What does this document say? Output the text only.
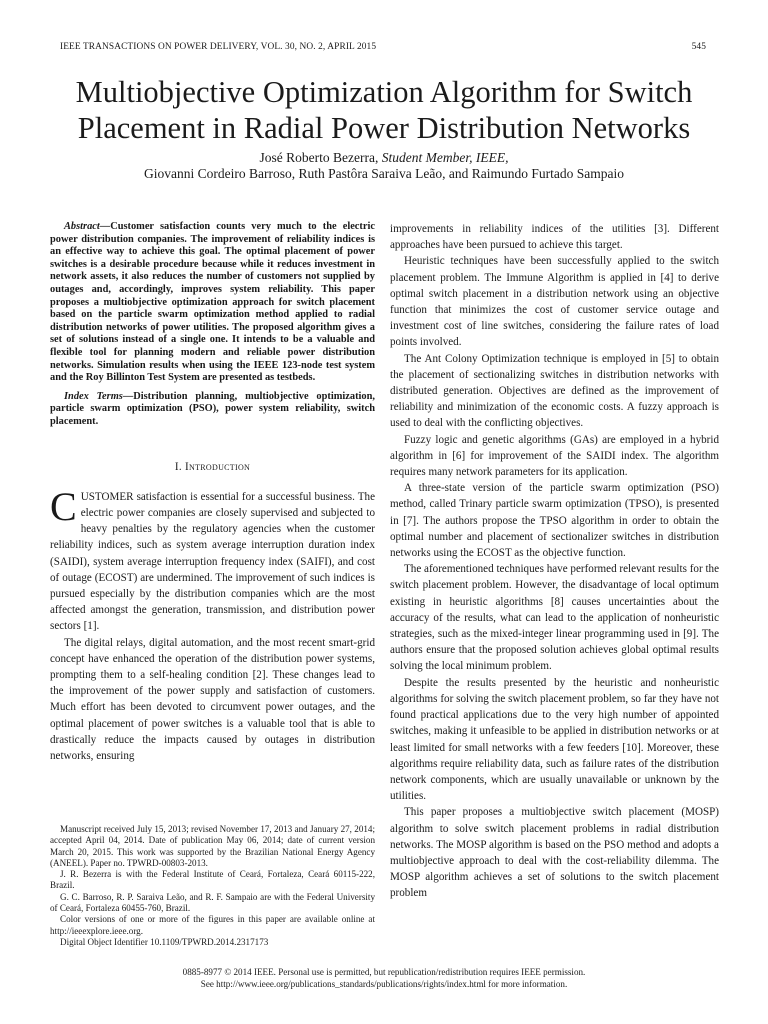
IEEE TRANSACTIONS ON POWER DELIVERY, VOL. 30, NO. 2, APRIL 2015	545
Multiobjective Optimization Algorithm for Switch
Placement in Radial Power Distribution Networks
José Roberto Bezerra, Student Member, IEEE,
Giovanni Cordeiro Barroso, Ruth Pastôra Saraiva Leão, and Raimundo Furtado Sampaio

Abstract—Customer satisfaction counts very much to the electric power distribution companies. The improvement of reliability indices is an effective way to achieve this goal. The optimal placement of power switches is a desirable procedure because while it reduces investment in network assets, it also reduces the number of customers not supplied by outages and, accordingly, improves system reliability. This paper proposes a multiobjective optimization approach for switch placement based on the particle swarm optimization method applied to radial distribution networks of power utilities. The proposed algorithm gives a set of solutions instead of a single one. It intends to be a valuable and flexible tool for planning modern and reliable power distribution networks. Simulation results when using the IEEE 123-node test system and the Roy Billinton Test System are presented as testbeds.

Index Terms—Distribution planning, multiobjective optimization, particle swarm optimization (PSO), power system reliability, switch placement.

I. Introduction

CUSTOMER satisfaction is essential for a successful business. The electric power companies are closely supervised and subjected to heavy penalties by the regulatory agencies when the customer reliability indices, such as system average interruption duration index (SAIDI), system average interruption frequency index (SAIFI), and cost of outage (ECOST) are undermined. The improvement of such indices is pursued especially by the distribution companies which are the most affected amongst the generation, transmission, and distribution power sectors [1].

The digital relays, digital automation, and the most recent smart-grid concept have enhanced the operation of the distribution power systems, prompting them to a self-healing condition [2]. These changes lead to the improvement of the power supply and satisfaction of customers. Much effort has been devoted to circumvent power outages, and the optimal placement of power switches is a valuable tool that is able to drastically reduce the impacts caused by outages in distribution networks, ensuring

Manuscript received July 15, 2013; revised November 17, 2013 and January 27, 2014; accepted April 04, 2014. Date of publication May 06, 2014; date of current version March 20, 2015. This work was supported by the Brazilian National Energy Agency (ANEEL). Paper no. TPWRD-00803-2013.

J. R. Bezerra is with the Federal Institute of Ceará, Fortaleza, Ceará 60115-222, Brazil.

G. C. Barroso, R. P. Saraiva Leão, and R. F. Sampaio are with the Federal University of Ceará, Fortaleza 60455-760, Brazil.

Color versions of one or more of the figures in this paper are available online at http://ieeexplore.ieee.org.

Digital Object Identifier 10.1109/TPWRD.2014.2317173

improvements in reliability indices of the utilities [3]. Different approaches have been pursued to achieve this target.

Heuristic techniques have been successfully applied to the switch placement problem. The Immune Algorithm is applied in [4] to derive optimal switch placement in a distribution network using an objective function that minimizes the cost of customer service outage and investment cost of line switches, considering the failure rates of load points involved.

The Ant Colony Optimization technique is employed in [5] to obtain the placement of sectionalizing switches in distribution networks with distributed generation. Objectives are defined as the improvement of reliability and minimization of the economic costs. A fuzzy approach is used to deal with the conflicting objectives.

Fuzzy logic and genetic algorithms (GAs) are employed in a hybrid algorithm in [6] for improvement of the SAIDI index. The algorithm requires many network parameters for its application.

A three-state version of the particle swarm optimization (PSO) method, called Trinary particle swarm optimization (TPSO), is presented in [7]. The authors propose the TPSO algorithm in order to obtain the optimal number and placement of sectionalizer switches in distribution networks using the ECOST as the objective function.

The aforementioned techniques have performed relevant results for the switch placement problem. However, the disadvantage of local optimum existing in heuristic algorithms [8] causes uncertainties about the accuracy of the results, what can lead to the application of nonheuristic strategies, such as the mixed-integer linear programming used in [9]. The authors ensure that the proposed solution achieves global optimal results solving the local minimum problem.

Despite the results presented by the heuristic and nonheuristic algorithms for solving the switch placement problem, so far they have not found practical applications due to the very high number of appointed switches, making it unfeasible to be applied in distribution networks or at least limited for small networks with a few feeders [10]. Moreover, these algorithms require reliability data, such as failure rates of the distribution network components, which are usually unavailable or unknown by the utilities.

This paper proposes a multiobjective switch placement (MOSP) algorithm to solve switch placement problems in radial distribution networks. The MOSP algorithm is based on the PSO method and adopts a multiobjective approach to deal with the cost-reliability dilemma. The MOSP algorithm achieves a set of solutions to the switch placement problem

0885-8977 © 2014 IEEE. Personal use is permitted, but republication/redistribution requires IEEE permission.
See http://www.ieee.org/publications_standards/publications/rights/index.html for more information.
